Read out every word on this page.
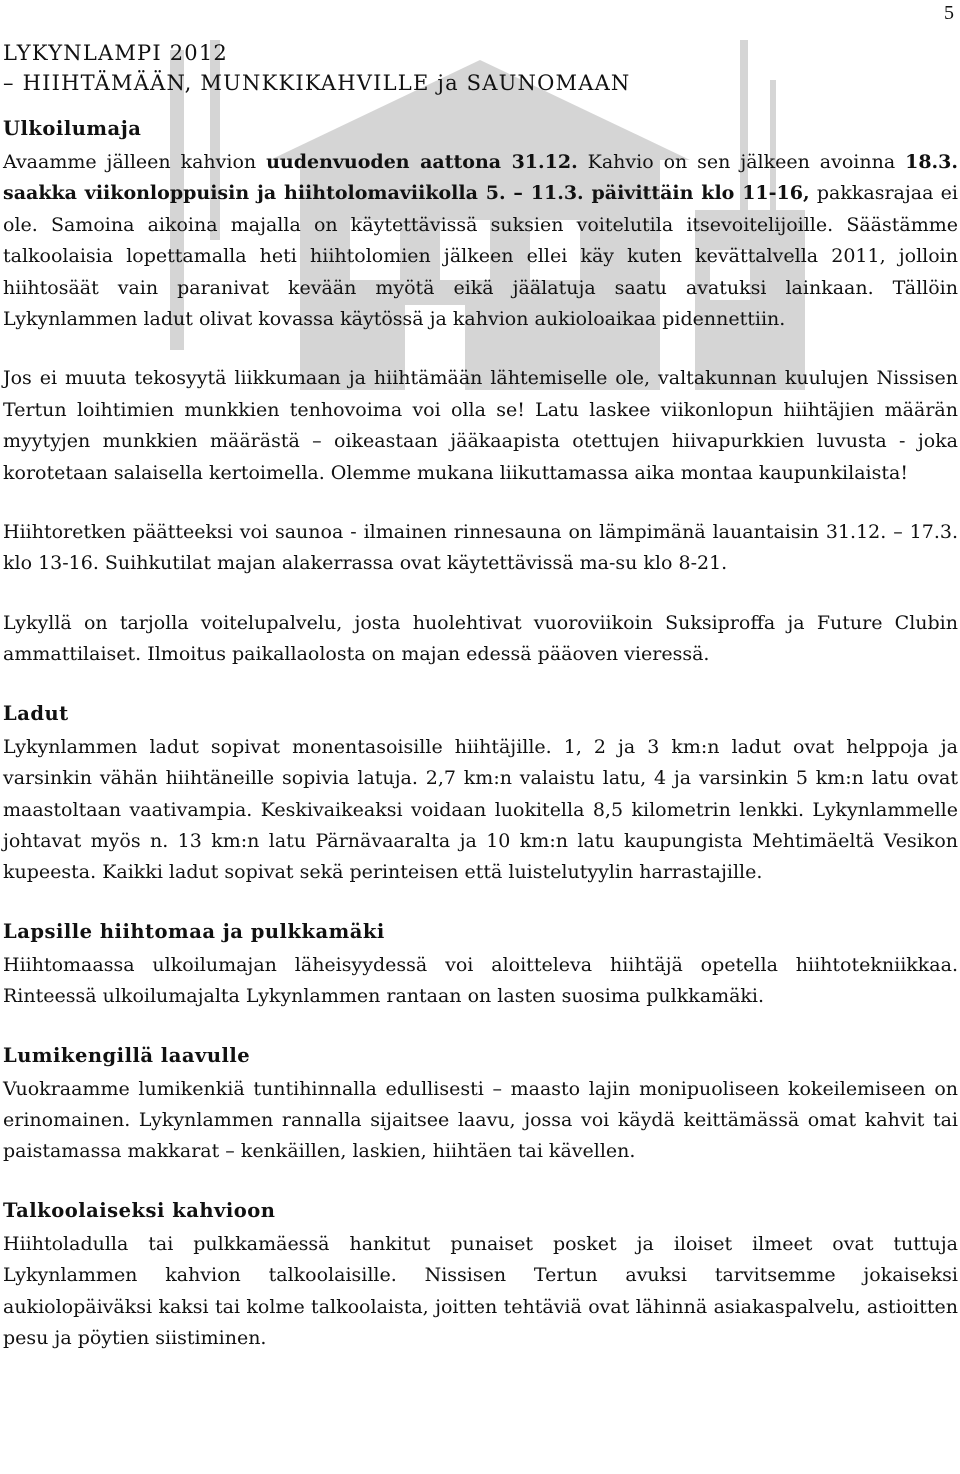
5
LYKYNLAMPI 2012
– HIIHTÄMÄÄN, MUNKKIKAHVILLE ja SAUNOMAAN
Ulkoilumaja

Avaamme jälleen kahvion uudenvuoden aattona 31.12. Kahvio on sen jälkeen avoinna 18.3. saakka viikonloppuisin ja hiihtolomaviikolla 5. – 11.3. päivittäin klo 11-16, pakkasrajaa ei ole. Samoina aikoina majalla on käytettävissä suksien voitelutila itsevoitelijoille. Säästämme talkoolaisia lopettamalla heti hiihtolomien jälkeen ellei käy kuten kevättalvella 2011, jolloin hiihtosäät vain paranivat kevään myötä eikä jäälatuja saatu avatuksi lainkaan. Tällöin Lykynlammen ladut olivat kovassa käytössä ja kahvion aukioloaikaa pidennettiin.

Jos ei muuta tekosyytä liikkumaan ja hiihtämään lähtemiselle ole, valtakunnan kuulujen Nissisen Tertun loihtimien munkkien tenhovoima voi olla se! Latu laskee viikonlopun hiihtäjien määrän myytyjen munkkien määrästä – oikeastaan jääkaapista otettujen hiivapurkkien luvusta - joka korotetaan salaisella kertoimella. Olemme mukana liikuttamassa aika montaa kaupunkilaista!

Hiihtoretken päätteeksi voi saunoa - ilmainen rinnesauna on lämpimänä lauantaisin 31.12. – 17.3. klo 13-16. Suihkutilat majan alakerrassa ovat käytettävissä ma-su klo 8-21.

Lykyllä on tarjolla voitelupalvelu, josta huolehtivat vuoroviikoin Suksiproffa ja Future Clubin ammattilaiset. Ilmoitus paikallaolosta on majan edessä pääoven vieressä.

Ladut

Lykynlammen ladut sopivat monentasoisille hiihtäjille. 1, 2 ja 3 km:n ladut ovat helppoja ja varsinkin vähän hiihtäneille sopivia latuja. 2,7 km:n valaistu latu, 4 ja varsinkin 5 km:n latu ovat maastoltaan vaativampia. Keskivaikeaksi voidaan luokitella 8,5 kilometrin lenkki. Lykynlammelle johtavat myös n. 13 km:n latu Pärnävaaralta ja 10 km:n latu kaupungista Mehtimäeltä Vesikon kupeesta. Kaikki ladut sopivat sekä perinteisen että luistelutyylin harrastajille.

Lapsille hiihtomaa ja pulkkamäki

Hiihtomaassa ulkoilumajan läheisyydessä voi aloitteleva hiihtäjä opetella hiihtotekniikkaa. Rinteessä ulkoilumajalta Lykynlammen rantaan on lasten suosima pulkkamäki.

Lumikengillä laavulle

Vuokraamme lumikenkiä tuntihinnalla edullisesti – maasto lajin monipuoliseen kokeilemiseen on erinomainen. Lykynlammen rannalla sijaitsee laavu, jossa voi käydä keittämässä omat kahvit tai paistamassa makkarat – kenkäillen, laskien, hiihtäen tai kävellen.

Talkoolaiseksi kahvioon

Hiihtoladulla tai pulkkamäessä hankitut punaiset posket ja iloiset ilmeet ovat tuttuja Lykynlammen kahvion talkoolaisille. Nissisen Tertun avuksi tarvitsemme jokaiseksi aukiolopäiväksi kaksi tai kolme talkoolaista, joitten tehtäviä ovat lähinnä asiakaspalvelu, astioitten pesu ja pöytien siistiminen.
